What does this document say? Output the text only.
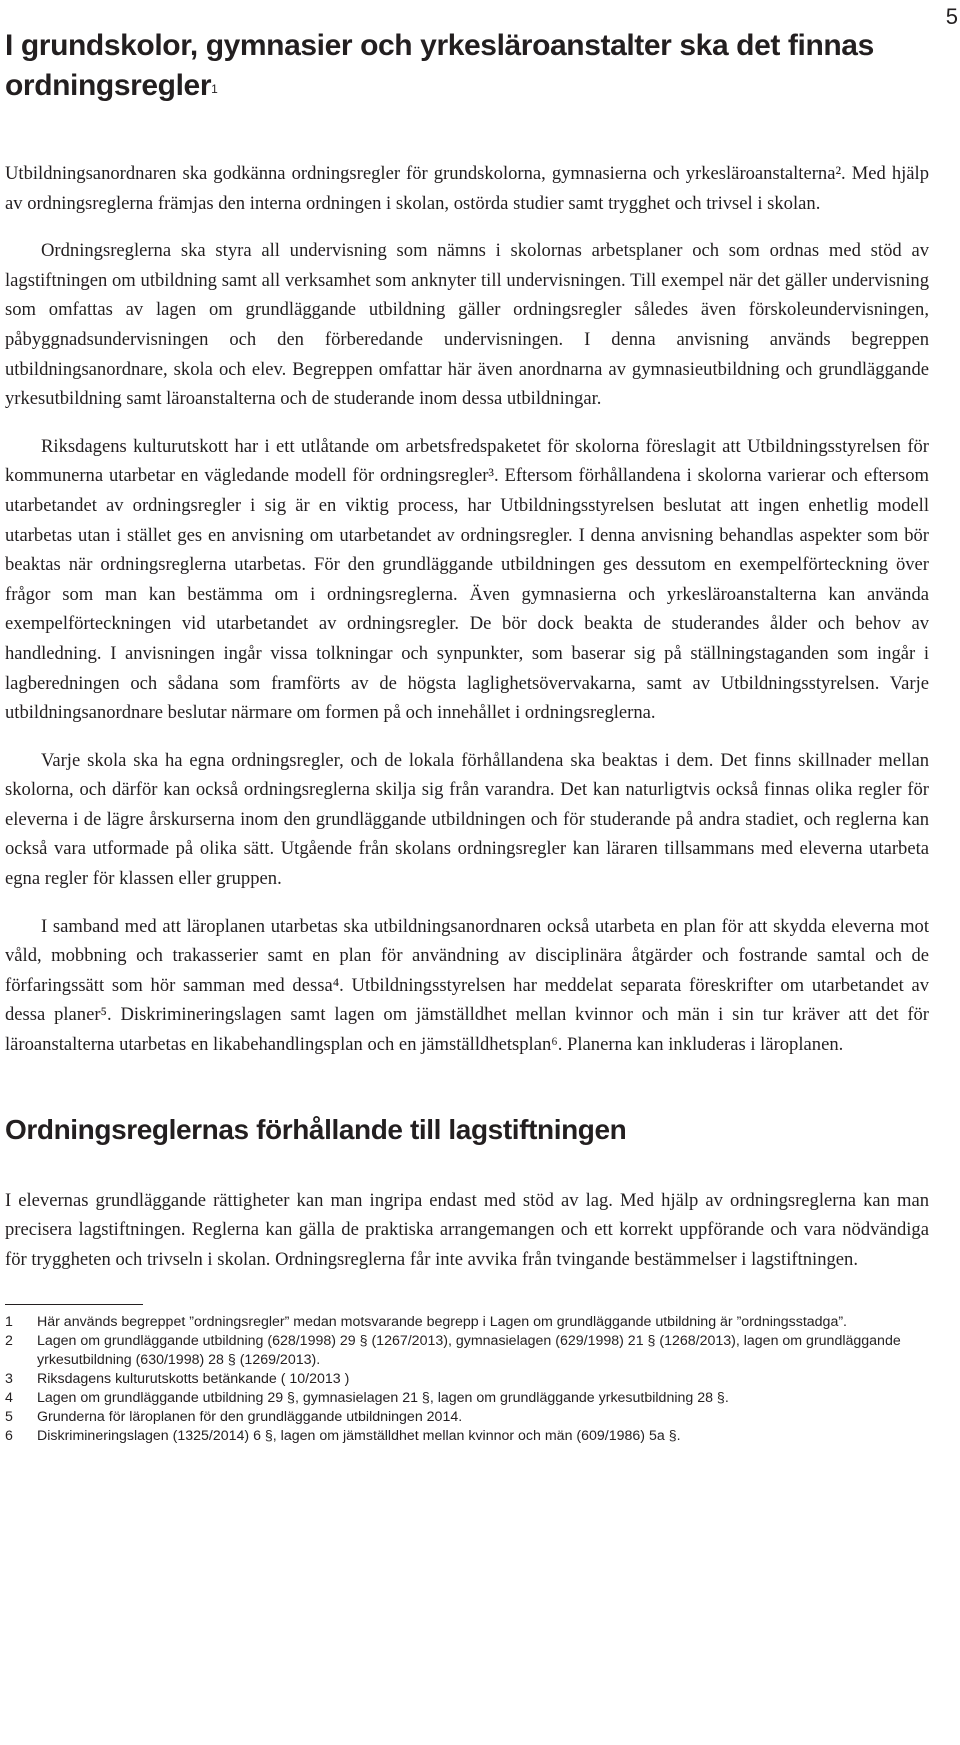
5
I grundskolor, gymnasier och yrkesläroanstalter ska det finnas ordningsregler$^1$

Utbildningsanordnaren ska godkänna ordningsregler för grundskolorna, gymnasierna och yrkesläroanstalterna². Med hjälp av ordningsreglerna främjas den interna ordningen i skolan, ostörda studier samt trygghet och trivsel i skolan.

Ordningsreglerna ska styra all undervisning som nämns i skolornas arbetsplaner och som ordnas med stöd av lagstiftningen om utbildning samt all verksamhet som anknyter till undervisningen. Till exempel när det gäller undervisning som omfattas av lagen om grundläggande utbildning gäller ordningsregler således även förskoleundervisningen, påbyggnadsundervisningen och den förberedande undervisningen. I denna anvisning används begreppen utbildningsanordnare, skola och elev. Begreppen omfattar här även anordnarna av gymnasieutbildning och grundläggande yrkesutbildning samt läroanstalterna och de studerande inom dessa utbildningar.

Riksdagens kulturutskott har i ett utlåtande om arbetsfredspaketet för skolorna föreslagit att Utbildningsstyrelsen för kommunerna utarbetar en vägledande modell för ordningsregler³. Eftersom förhållandena i skolorna varierar och eftersom utarbetandet av ordningsregler i sig är en viktig process, har Utbildningsstyrelsen beslutat att ingen enhetlig modell utarbetas utan i stället ges en anvisning om utarbetandet av ordningsregler. I denna anvisning behandlas aspekter som bör beaktas när ordningsreglerna utarbetas. För den grundläggande utbildningen ges dessutom en exempelförteckning över frågor som man kan bestämma om i ordningsreglerna. Även gymnasierna och yrkesläroanstalterna kan använda exempelförteckningen vid utarbetandet av ordningsregler. De bör dock beakta de studerandes ålder och behov av handledning. I anvisningen ingår vissa tolkningar och synpunkter, som baserar sig på ställningstaganden som ingår i lagberedningen och sådana som framförts av de högsta laglighetsövervakarna, samt av Utbildningsstyrelsen. Varje utbildningsanordnare beslutar närmare om formen på och innehållet i ordningsreglerna.

Varje skola ska ha egna ordningsregler, och de lokala förhållandena ska beaktas i dem. Det finns skillnader mellan skolorna, och därför kan också ordningsreglerna skilja sig från varandra. Det kan naturligtvis också finnas olika regler för eleverna i de lägre årskurserna inom den grundläggande utbildningen och för studerande på andra stadiet, och reglerna kan också vara utformade på olika sätt. Utgående från skolans ordningsregler kan läraren tillsammans med eleverna utarbeta egna regler för klassen eller gruppen.

I samband med att läroplanen utarbetas ska utbildningsanordnaren också utarbeta en plan för att skydda eleverna mot våld, mobbning och trakasserier samt en plan för användning av disciplinära åtgärder och fostrande samtal och de förfaringssätt som hör samman med dessa⁴. Utbildningsstyrelsen har meddelat separata föreskrifter om utarbetandet av dessa planer⁵. Diskrimineringslagen samt lagen om jämställdhet mellan kvinnor och män i sin tur kräver att det för läroanstalterna utarbetas en likabehandlingsplan och en jämställdhetsplan⁶. Planerna kan inkluderas i läroplanen.

Ordningsreglernas förhållande till lagstiftningen

I elevernas grundläggande rättigheter kan man ingripa endast med stöd av lag. Med hjälp av ordningsreglerna kan man precisera lagstiftningen. Reglerna kan gälla de praktiska arrangemangen och ett korrekt uppförande och vara nödvändiga för tryggheten och trivseln i skolan. Ordningsreglerna får inte avvika från tvingande bestämmelser i lagstiftningen.

1	Här används begreppet ”ordningsregler” medan motsvarande begrepp i Lagen om grundläggande utbildning är ”ordningsstadga”.
2	Lagen om grundläggande utbildning (628/1998) 29 § (1267/2013), gymnasielagen (629/1998) 21 § (1268/2013), lagen om grundläggande yrkesutbildning (630/1998) 28 § (1269/2013).
3	Riksdagens kulturutskotts betänkande ( 10/2013 )
4	Lagen om grundläggande utbildning 29 §, gymnasielagen 21 §, lagen om grundläggande yrkesutbildning 28 §.
5	Grunderna för läroplanen för den grundläggande utbildningen 2014.
6	Diskrimineringslagen (1325/2014) 6 §, lagen om jämställdhet mellan kvinnor och män (609/1986) 5a §.
